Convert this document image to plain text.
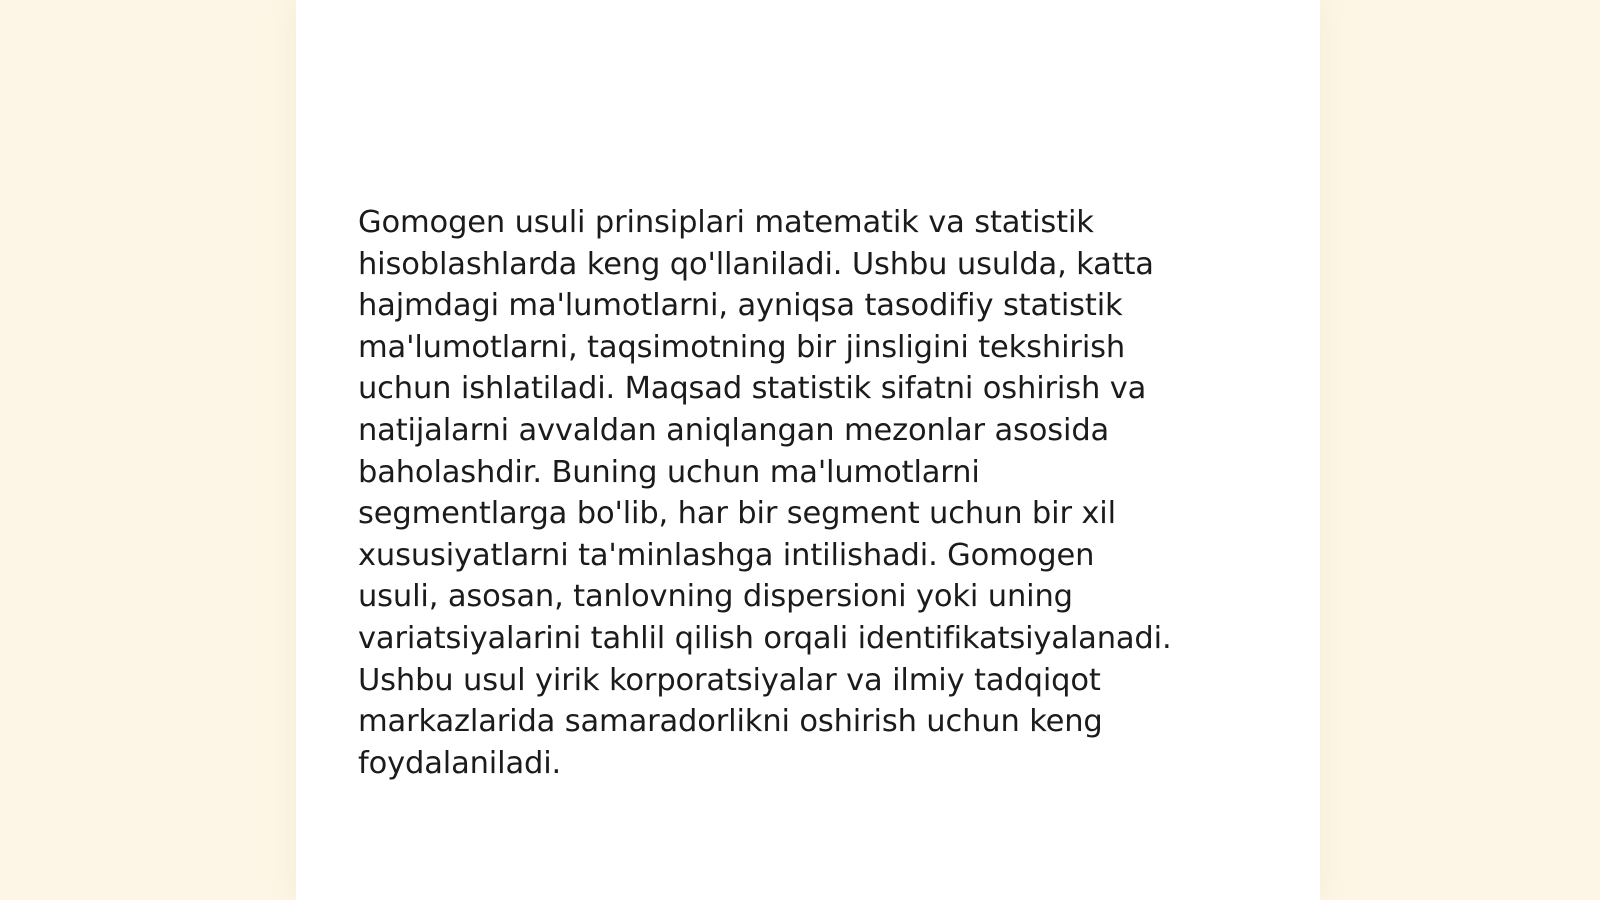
Gomogen usuli prinsiplari matematik va statistik
hisoblashlarda keng qo'llaniladi. Ushbu usulda, katta
hajmdagi ma'lumotlarni, ayniqsa tasodifiy statistik
ma'lumotlarni, taqsimotning bir jinsligini tekshirish
uchun ishlatiladi. Maqsad statistik sifatni oshirish va
natijalarni avvaldan aniqlangan mezonlar asosida
baholashdir. Buning uchun ma'lumotlarni
segmentlarga bo'lib, har bir segment uchun bir xil
xususiyatlarni ta'minlashga intilishadi. Gomogen
usuli, asosan, tanlovning dispersioni yoki uning
variatsiyalarini tahlil qilish orqali identifikatsiyalanadi.
Ushbu usul yirik korporatsiyalar va ilmiy tadqiqot
markazlarida samaradorlikni oshirish uchun keng
foydalaniladi.
